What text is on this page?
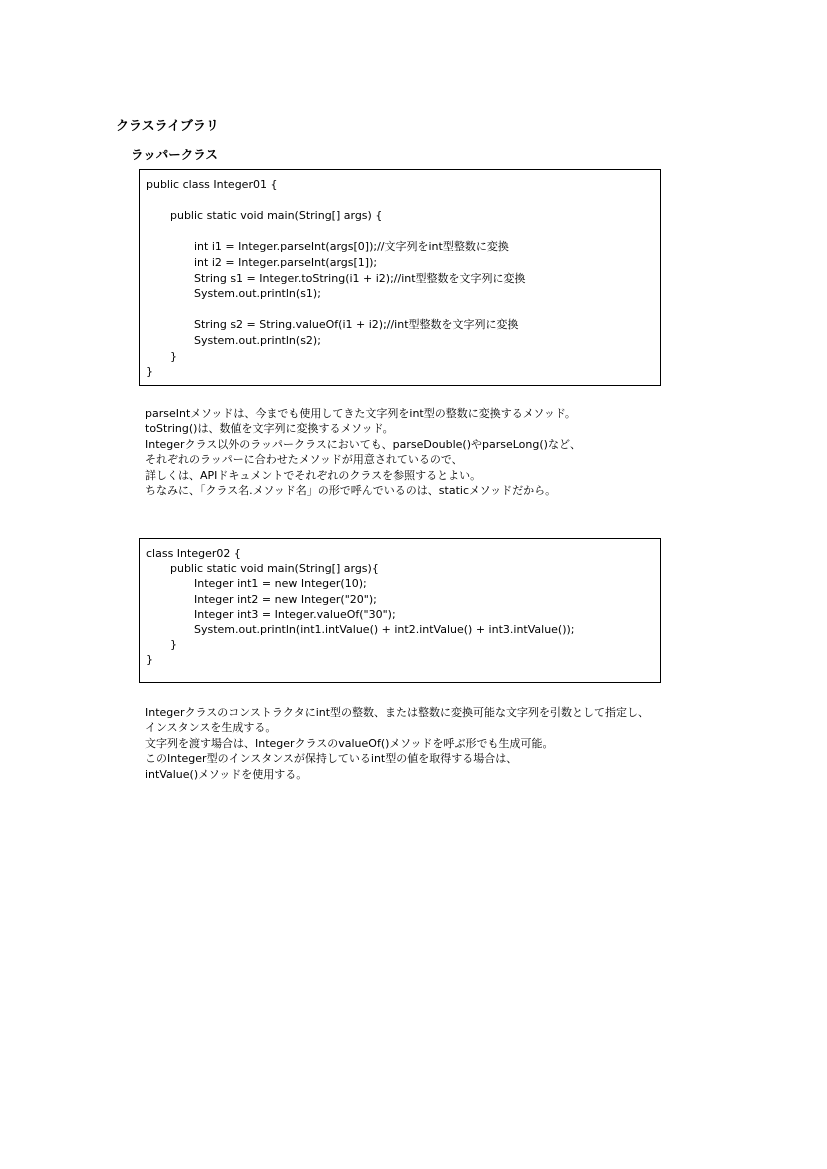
クラスライブラリ
ラッパークラス
public class Integer01 {
public static void main(String[] args) {
int i1 = Integer.parseInt(args[0]);//文字列をint型整数に変換
int i2 = Integer.parseInt(args[1]);
String s1 = Integer.toString(i1 + i2);//int型整数を文字列に変換
System.out.println(s1);
String s2 = String.valueOf(i1 + i2);//int型整数を文字列に変換
System.out.println(s2);
}
}
parseIntメソッドは、今までも使用してきた文字列をint型の整数に変換するメソッド。
toString()は、数値を文字列に変換するメソッド。
Integerクラス以外のラッパークラスにおいても、parseDouble()やparseLong()など、
それぞれのラッパーに合わせたメソッドが用意されているので、
詳しくは、APIドキュメントでそれぞれのクラスを参照するとよい。
ちなみに、「クラス名.メソッド名」の形で呼んでいるのは、staticメソッドだから。
class Integer02 {
public static void main(String[] args){
Integer int1 = new Integer(10);
Integer int2 = new Integer("20");
Integer int3 = Integer.valueOf("30");
System.out.println(int1.intValue() + int2.intValue() + int3.intValue());
}
}
Integerクラスのコンストラクタにint型の整数、または整数に変換可能な文字列を引数として指定し、
インスタンスを生成する。
文字列を渡す場合は、IntegerクラスのvalueOf()メソッドを呼ぶ形でも生成可能。
このInteger型のインスタンスが保持しているint型の値を取得する場合は、
intValue()メソッドを使用する。
